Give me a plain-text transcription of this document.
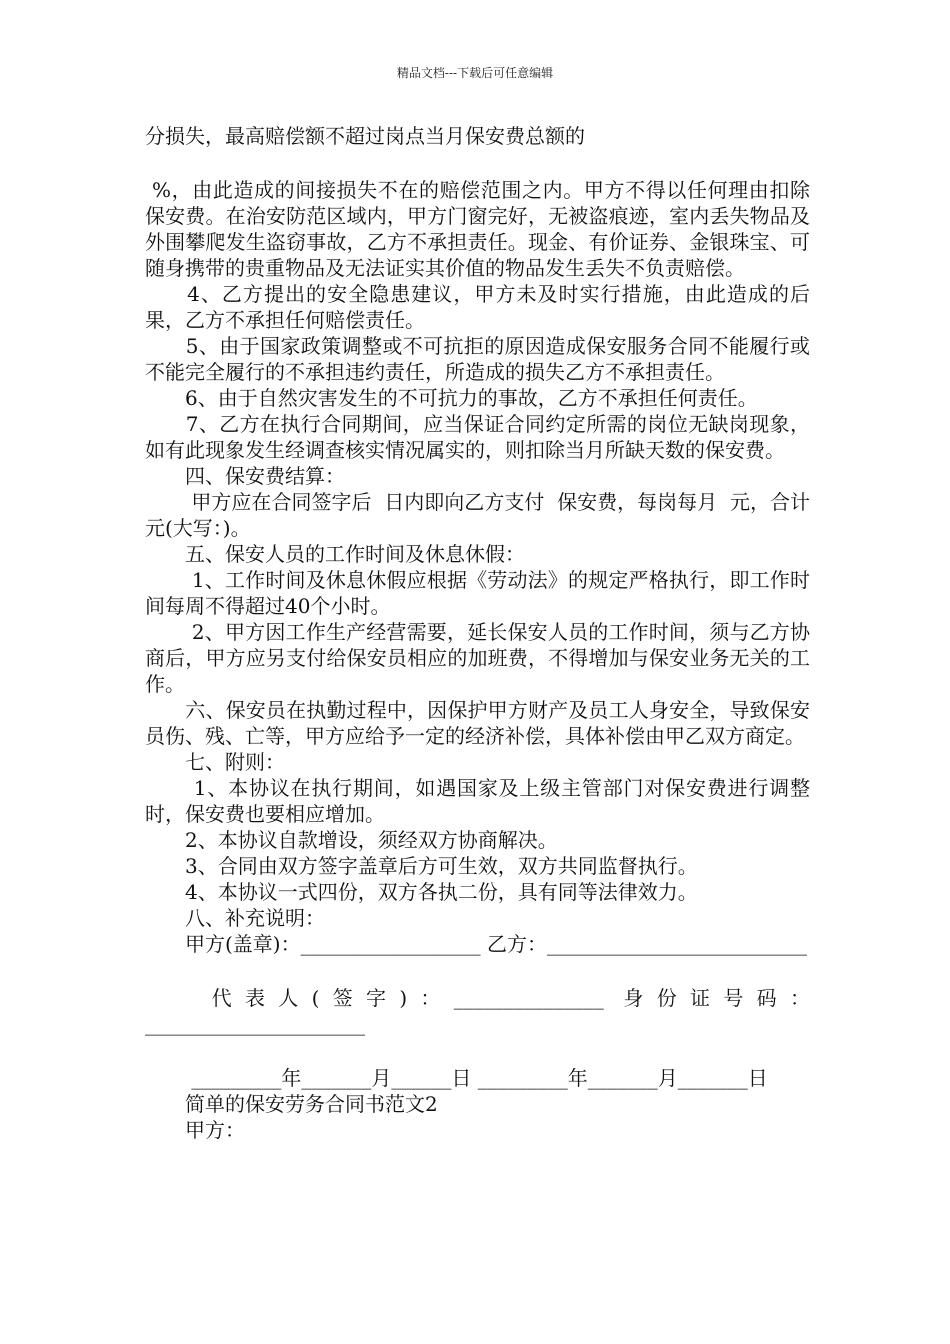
精品文档---下载后可任意编辑

分损失，最高赔偿额不超过岗点当月保安费总额的

%，由此造成的间接损失不在的赔偿范围之内。甲方不得以任何理由扣除保安费。在治安防范区域内，甲方门窗完好，无被盗痕迹，室内丢失物品及外围攀爬发生盗窃事故，乙方不承担责任。现金、有价证券、金银珠宝、可随身携带的贵重物品及无法证实其价值的物品发生丢失不负责赔偿。

　　4、乙方提出的安全隐患建议，甲方未及时实行措施，由此造成的后果，乙方不承担任何赔偿责任。

　　5、由于国家政策调整或不可抗拒的原因造成保安服务合同不能履行或不能完全履行的不承担违约责任，所造成的损失乙方不承担责任。

　　6、由于自然灾害发生的不可抗力的事故，乙方不承担任何责任。

　　7、乙方在执行合同期间，应当保证合同约定所需的岗位无缺岗现象，如有此现象发生经调查核实情况属实的，则扣除当月所缺天数的保安费。

　　四、保安费结算：

　　 甲方应在合同签字后  日内即向乙方支付  保安费，每岗每月  元，合计  元(大写：)。

　　五、保安人员的工作时间及休息休假：

　　 1、工作时间及休息休假应根据《劳动法》的规定严格执行，即工作时间每周不得超过40个小时。

　　 2、甲方因工作生产经营需要，延长保安人员的工作时间，须与乙方协商后，甲方应另支付给保安员相应的加班费，不得增加与保安业务无关的工作。

　　六、保安员在执勤过程中，因保护甲方财产及员工人身安全，导致保安员伤、残、亡等，甲方应给予一定的经济补偿，具体补偿由甲乙双方商定。

　　七、附则：

　　 1、本协议在执行期间，如遇国家及上级主管部门对保安费进行调整时，保安费也要相应增加。

　　2、本协议自款增设，须经双方协商解决。

　　3、合同由双方签字盖章后方可生效，双方共同监督执行。

　　4、本协议一式四份，双方各执二份，具有同等法律效力。

　　八、补充说明：

　　甲方(盖章)：__________________ 乙方：__________________________

　　代表人(签字)：_______________ 身份证号码：______________________

　　 _________年_______月______日 _________年_______月_______日

　　简单的保安劳务合同书范文2

　　甲方：
